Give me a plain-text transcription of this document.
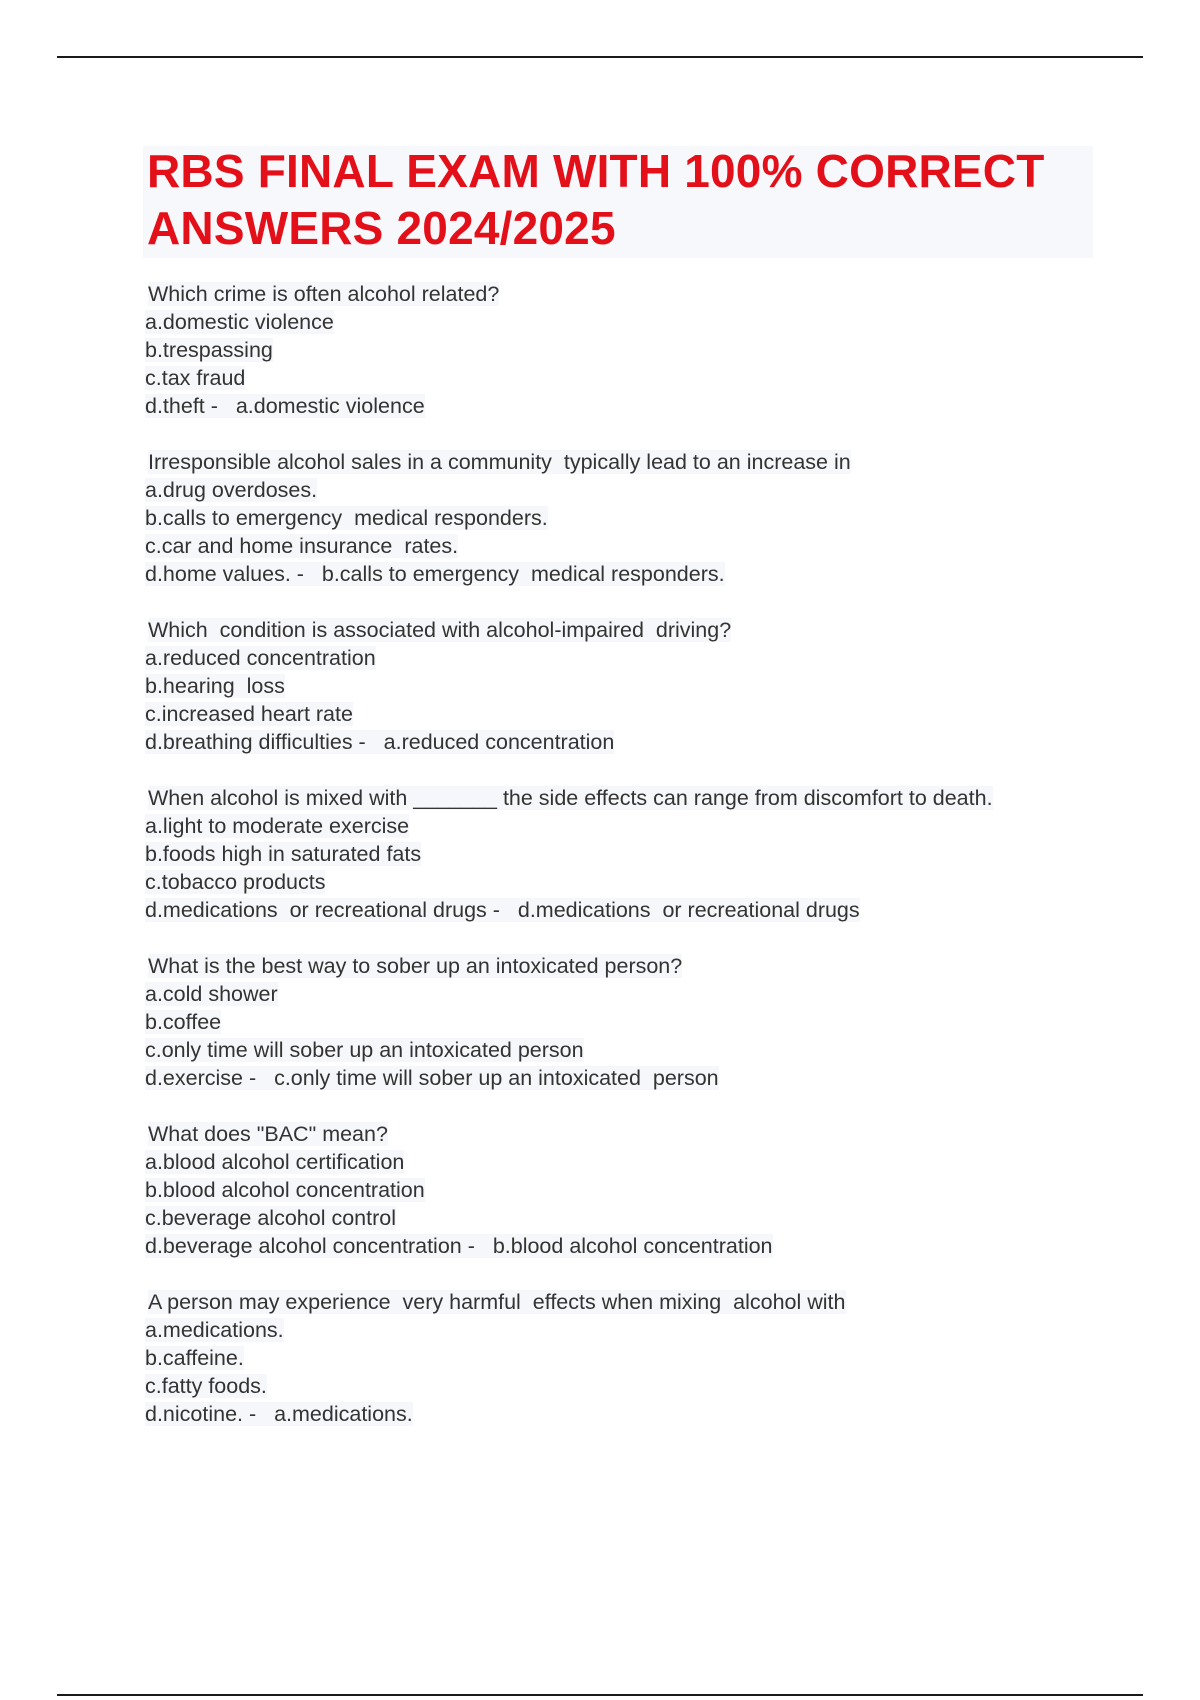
RBS FINAL EXAM WITH 100% CORRECT ANSWERS 2024/2025
Which crime is often alcohol related?
a.domestic violence
b.trespassing
c.tax fraud
d.theft -   a.domestic violence
Irresponsible alcohol sales in a community  typically lead to an increase in
a.drug overdoses.
b.calls to emergency  medical responders.
c.car and home insurance  rates.
d.home values. -   b.calls to emergency  medical responders.
Which  condition is associated with alcohol-impaired  driving?
a.reduced concentration
b.hearing  loss
c.increased heart rate
d.breathing difficulties -   a.reduced concentration
When alcohol is mixed with _______ the side effects can range from discomfort to death.
a.light to moderate exercise
b.foods high in saturated fats
c.tobacco products
d.medications  or recreational drugs -   d.medications  or recreational drugs
What is the best way to sober up an intoxicated person?
a.cold shower
b.coffee
c.only time will sober up an intoxicated person
d.exercise -   c.only time will sober up an intoxicated  person
What does "BAC" mean?
a.blood alcohol certification
b.blood alcohol concentration
c.beverage alcohol control
d.beverage alcohol concentration -   b.blood alcohol concentration
A person may experience  very harmful  effects when mixing  alcohol with
a.medications.
b.caffeine.
c.fatty foods.
d.nicotine. -   a.medications.
